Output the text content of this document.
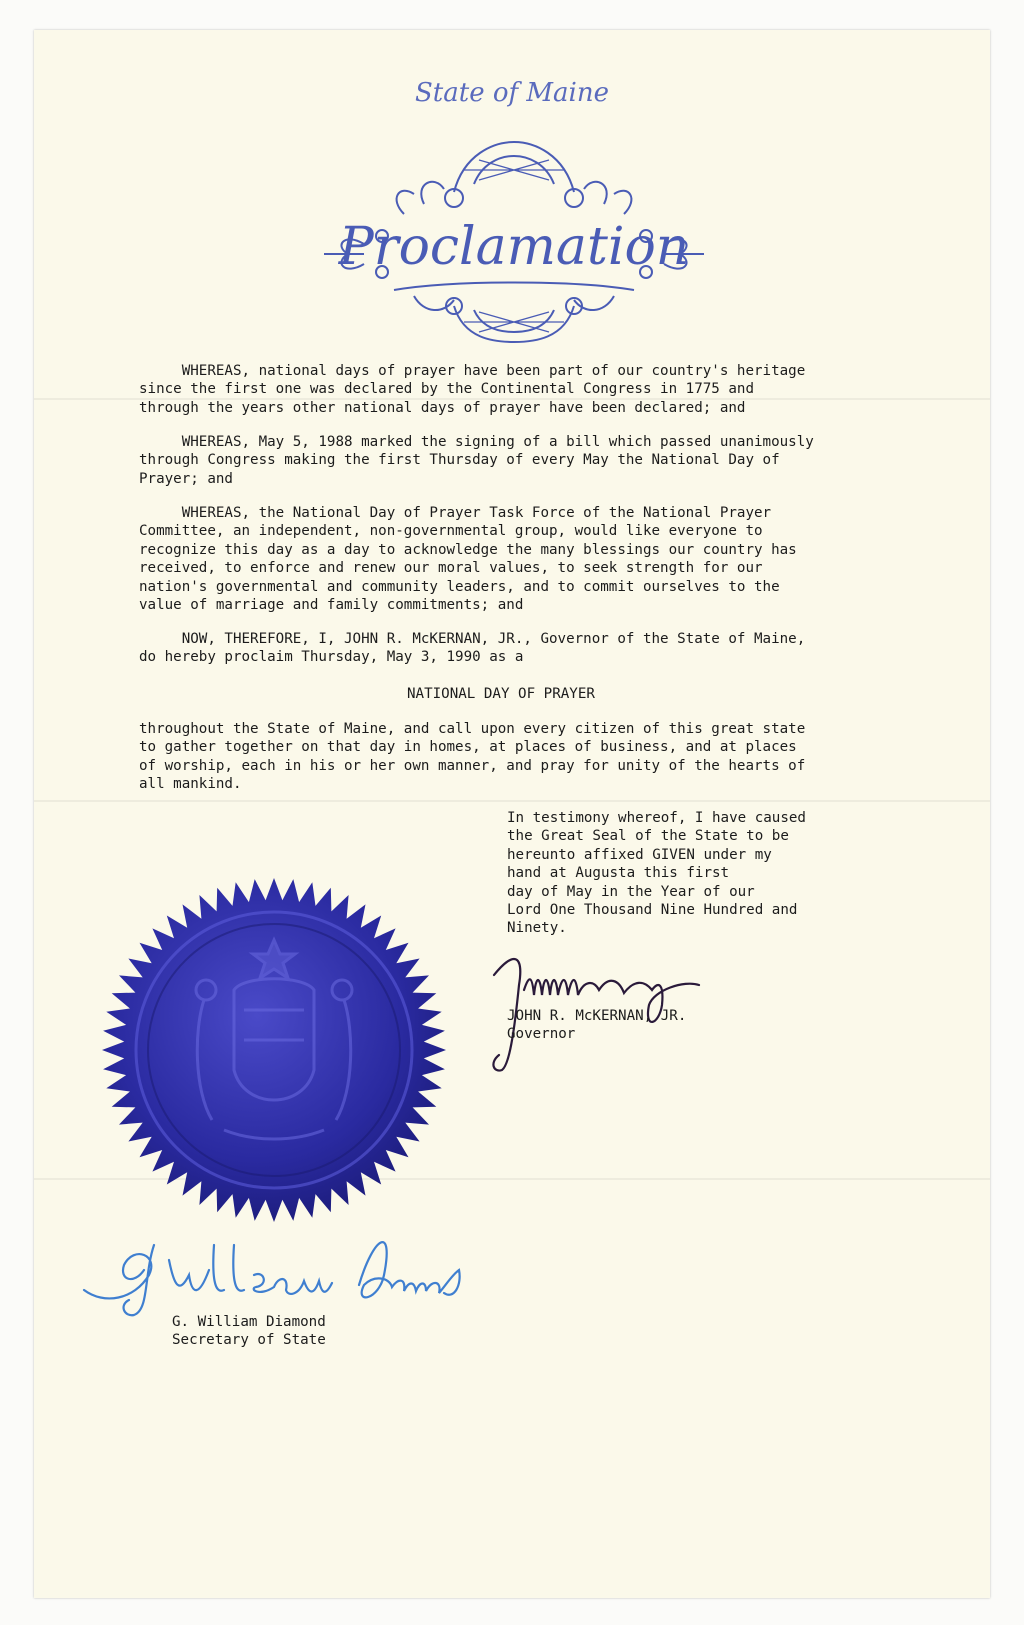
State of Maine
Proclamation
WHEREAS, national days of prayer have been part of our country's heritage
since the first one was declared by the Continental Congress in 1775 and
through the years other national days of prayer have been declared; and
WHEREAS, May 5, 1988 marked the signing of a bill which passed unanimously
through Congress making the first Thursday of every May the National Day of
Prayer; and
WHEREAS, the National Day of Prayer Task Force of the National Prayer
Committee, an independent, non-governmental group, would like everyone to
recognize this day as a day to acknowledge the many blessings our country has
received, to enforce and renew our moral values, to seek strength for our
nation's governmental and community leaders, and to commit ourselves to the
value of marriage and family commitments; and
NOW, THEREFORE, I, JOHN R. McKERNAN, JR., Governor of the State of Maine,
do hereby proclaim Thursday, May 3, 1990 as a
NATIONAL DAY OF PRAYER
throughout the State of Maine, and call upon every citizen of this great state
to gather together on that day in homes, at places of business, and at places
of worship, each in his or her own manner, and pray for unity of the hearts of
all mankind.
In testimony whereof, I have caused
the Great Seal of the State to be
hereunto affixed GIVEN under my
hand at Augusta this first
day of May in the Year of our
Lord One Thousand Nine Hundred and
Ninety.
JOHN R. McKERNAN, JR.
Governor
G. William Diamond
Secretary of State
